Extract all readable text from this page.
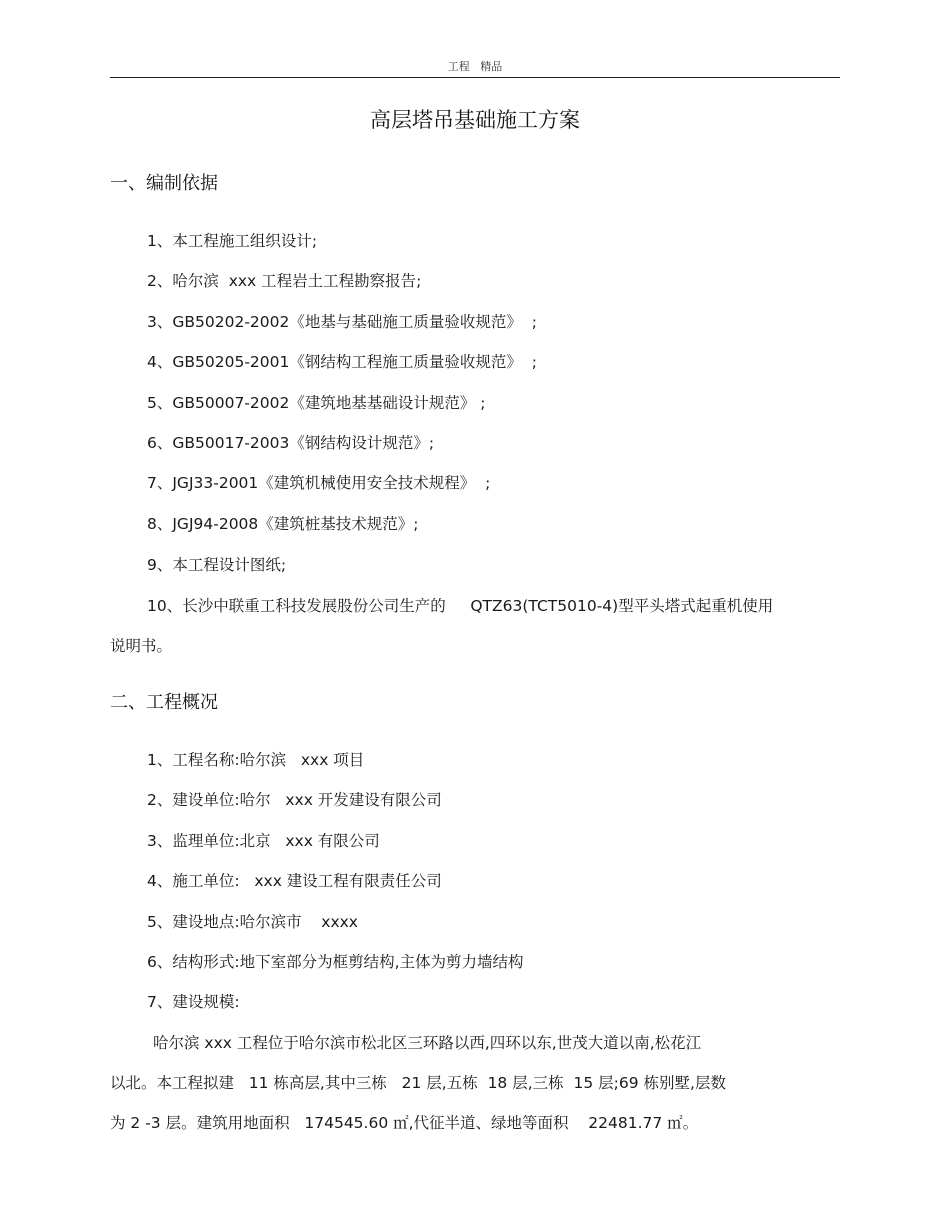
工程   精品
高层塔吊基础施工方案
一、编制依据
1、本工程施工组织设计;
2、哈尔滨  xxx 工程岩土工程勘察报告;
3、GB50202-2002《地基与基础施工质量验收规范》  ;
4、GB50205-2001《钢结构工程施工质量验收规范》  ;
5、GB50007-2002《建筑地基基础设计规范》 ;
6、GB50017-2003《钢结构设计规范》;
7、JGJ33-2001《建筑机械使用安全技术规程》  ;
8、JGJ94-2008《建筑桩基技术规范》;
9、本工程设计图纸;
10、长沙中联重工科技发展股份公司生产的     QTZ63(TCT5010-4)型平头塔式起重机使用
说明书。
二、工程概况
1、工程名称:哈尔滨   xxx 项目
2、建设单位:哈尔   xxx 开发建设有限公司
3、监理单位:北京   xxx 有限公司
4、施工单位:   xxx 建设工程有限责任公司
5、建设地点:哈尔滨市    xxxx
6、结构形式:地下室部分为框剪结构,主体为剪力墙结构
7、建设规模:
哈尔滨 xxx 工程位于哈尔滨市松北区三环路以西,四环以东,世茂大道以南,松花江
以北。本工程拟建   11 栋高层,其中三栋   21 层,五栋  18 层,三栋  15 层;69 栋别墅,层数
为 2 -3 层。建筑用地面积   174545.60 ㎡,代征半道、绿地等面积    22481.77 ㎡。
